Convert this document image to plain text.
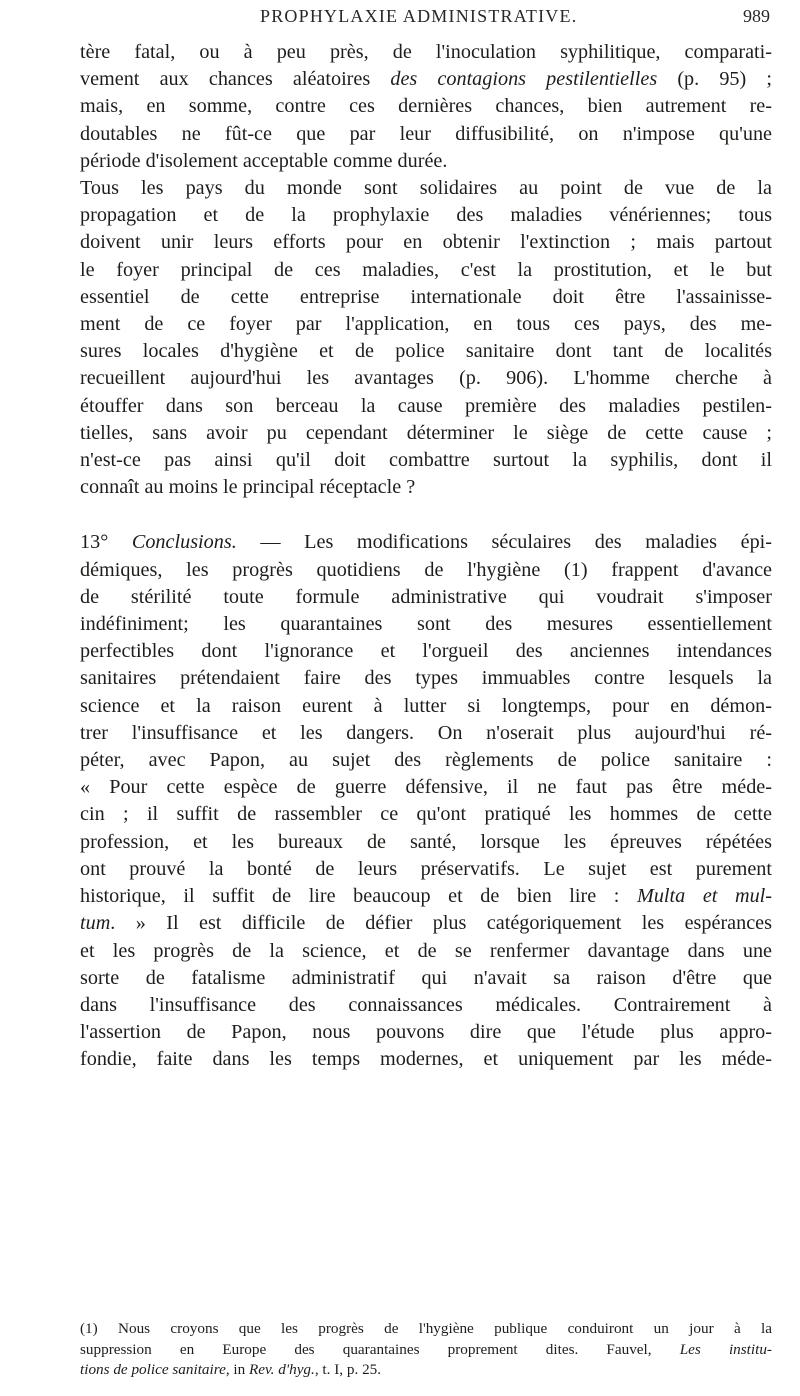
PROPHYLAXIE ADMINISTRATIVE.	989

tère fatal, ou à peu près, de l'inoculation syphilitique, comparati-
vement aux chances aléatoires des contagions pestilentielles (p. 95) ;
mais, en somme, contre ces dernières chances, bien autrement re-
doutables ne fût-ce que par leur diffusibilité, on n'impose qu'une
période d'isolement acceptable comme durée.

Tous les pays du monde sont solidaires au point de vue de la
propagation et de la prophylaxie des maladies vénériennes; tous
doivent unir leurs efforts pour en obtenir l'extinction ; mais partout
le foyer principal de ces maladies, c'est la prostitution, et le but
essentiel de cette entreprise internationale doit être l'assainisse-
ment de ce foyer par l'application, en tous ces pays, des me-
sures locales d'hygiène et de police sanitaire dont tant de localités
recueillent aujourd'hui les avantages (p. 906). L'homme cherche à
étouffer dans son berceau la cause première des maladies pestilen-
tielles, sans avoir pu cependant déterminer le siège de cette cause ;
n'est-ce pas ainsi qu'il doit combattre surtout la syphilis, dont il
connaît au moins le principal réceptacle ?

13° Conclusions. — Les modifications séculaires des maladies épi-
démiques, les progrès quotidiens de l'hygiène (1) frappent d'avance
de stérilité toute formule administrative qui voudrait s'imposer
indéfiniment; les quarantaines sont des mesures essentiellement
perfectibles dont l'ignorance et l'orgueil des anciennes intendances
sanitaires prétendaient faire des types immuables contre lesquels la
science et la raison eurent à lutter si longtemps, pour en démon-
trer l'insuffisance et les dangers. On n'oserait plus aujourd'hui ré-
péter, avec Papon, au sujet des règlements de police sanitaire :
« Pour cette espèce de guerre défensive, il ne faut pas être méde-
cin ; il suffit de rassembler ce qu'ont pratiqué les hommes de cette
profession, et les bureaux de santé, lorsque les épreuves répétées
ont prouvé la bonté de leurs préservatifs. Le sujet est purement
historique, il suffit de lire beaucoup et de bien lire : Multa et mul-
tum. » Il est difficile de défier plus catégoriquement les espérances
et les progrès de la science, et de se renfermer davantage dans une
sorte de fatalisme administratif qui n'avait sa raison d'être que
dans l'insuffisance des connaissances médicales. Contrairement à
l'assertion de Papon, nous pouvons dire que l'étude plus appro-
fondie, faite dans les temps modernes, et uniquement par les méde-

(1) Nous croyons que les progrès de l'hygiène publique conduiront un jour à la
suppression en Europe des quarantaines proprement dites. Fauvel, Les institu-
tions de police sanitaire, in Rev. d'hyg., t. I, p. 25.
